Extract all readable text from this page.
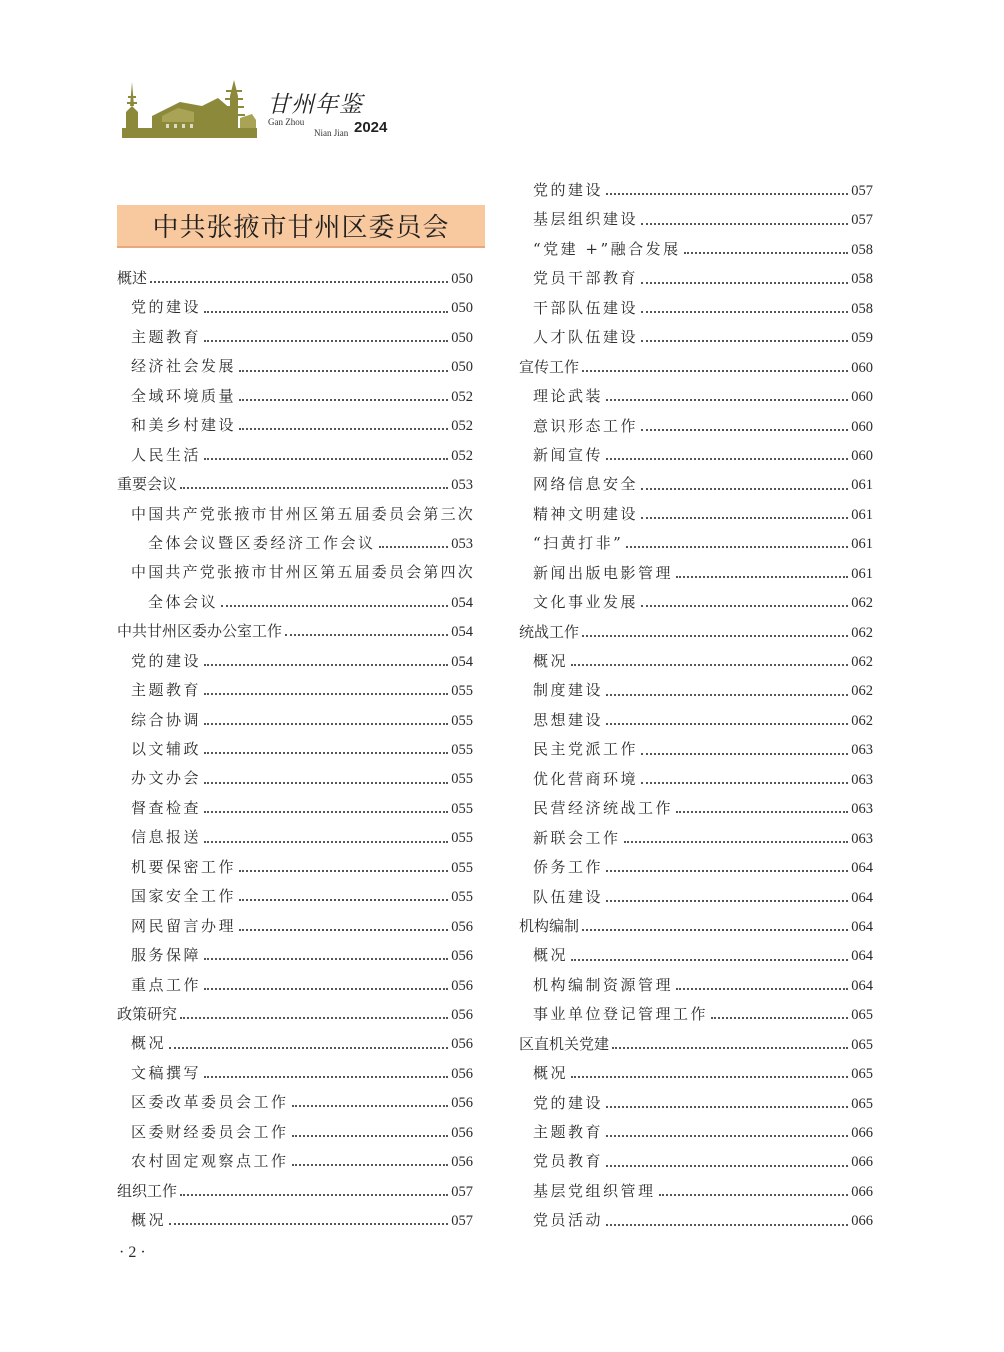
甘州年鉴
Gan Zhou
Nian Jian 2024
中共张掖市甘州区委员会
概述	050
党的建设	050
主题教育	050
经济社会发展	050
全域环境质量	052
和美乡村建设	052
人民生活	052
重要会议	053
中国共产党张掖市甘州区第五届委员会第三次
全体会议暨区委经济工作会议	053
中国共产党张掖市甘州区第五届委员会第四次
全体会议	054
中共甘州区委办公室工作	054
党的建设	054
主题教育	055
综合协调	055
以文辅政	055
办文办会	055
督查检查	055
信息报送	055
机要保密工作	055
国家安全工作	055
网民留言办理	056
服务保障	056
重点工作	056
政策研究	056
概况	056
文稿撰写	056
区委改革委员会工作	056
区委财经委员会工作	056
农村固定观察点工作	056
组织工作	057
概况	057
党的建设	057
基层组织建设	057
“党建 +”融合发展	058
党员干部教育	058
干部队伍建设	058
人才队伍建设	059
宣传工作	060
理论武装	060
意识形态工作	060
新闻宣传	060
网络信息安全	061
精神文明建设	061
“扫黄打非”	061
新闻出版电影管理	061
文化事业发展	062
统战工作	062
概况	062
制度建设	062
思想建设	062
民主党派工作	063
优化营商环境	063
民营经济统战工作	063
新联会工作	063
侨务工作	064
队伍建设	064
机构编制	064
概况	064
机构编制资源管理	064
事业单位登记管理工作	065
区直机关党建	065
概况	065
党的建设	065
主题教育	066
党员教育	066
基层党组织管理	066
党员活动	066
· 2 ·
